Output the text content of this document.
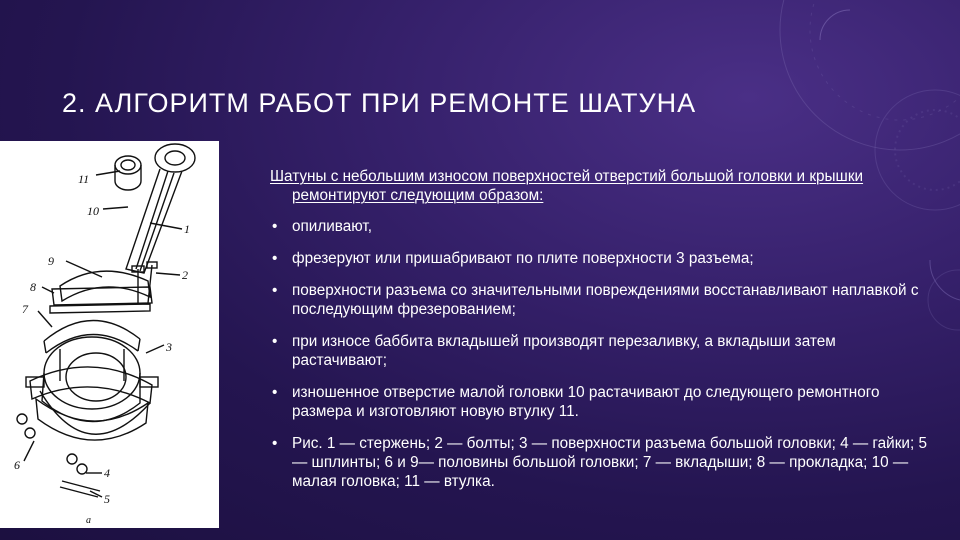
2. АЛГОРИТМ РАБОТ ПРИ РЕМОНТЕ ШАТУНА
11
10
1
9
2
8
7
3
4
6
5
а

Шатуны с небольшим износом поверхностей отверстий большой головки и крышки ремонтируют следующим образом:

• опиливают,
• фрезеруют или пришабривают по плите поверхности 3 разъема;
• поверхности разъема со значительными повреждениями восстанавливают наплавкой с последующим фрезерованием;
• при износе баббита вкладышей производят перезаливку, а вкладыши затем растачивают;
• изношенное отверстие малой головки 10 растачивают до следующего ремонтного размера и изготовляют новую втулку 11.
• Рис. 1 — стержень; 2 — болты; 3 — поверхности разъема большой головки; 4 — гайки; 5 — шплинты; 6 и 9— половины большой головки; 7 — вкладыши; 8 — прокладка; 10 — малая головка; 11 — втулка.
